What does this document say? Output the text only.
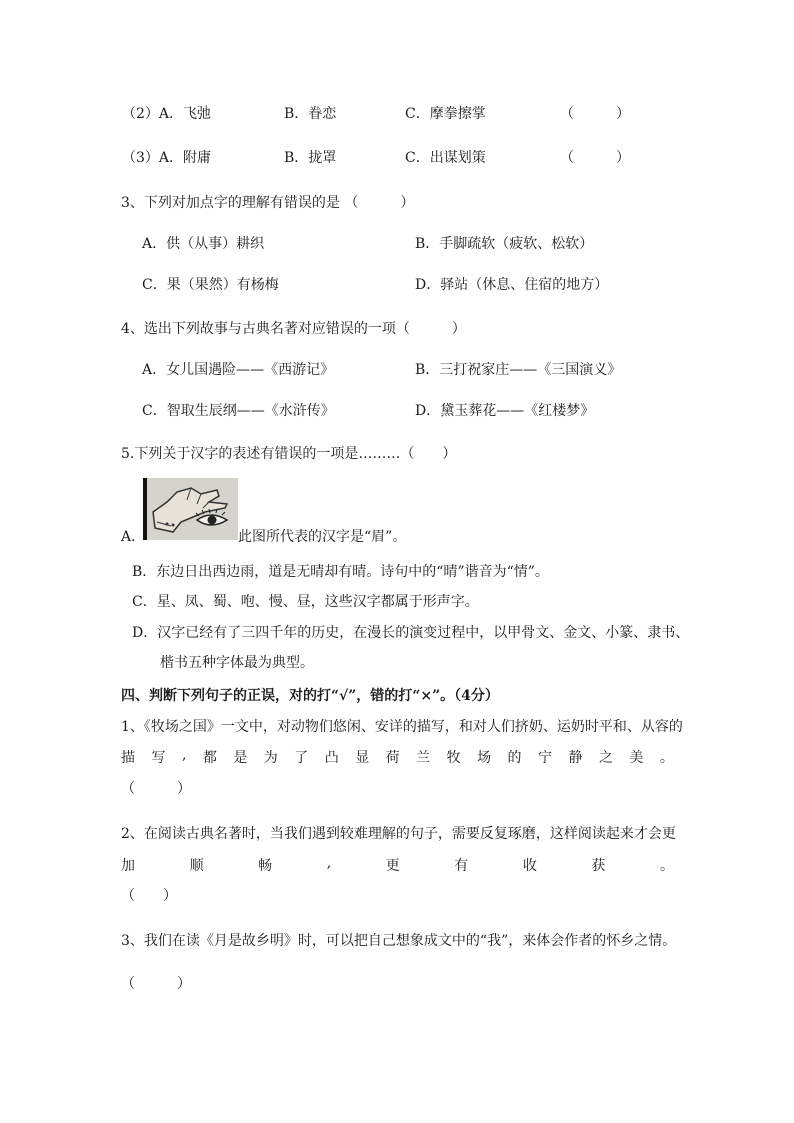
（2）A．飞弛	B．眷恋	C．摩拳擦掌	（　　　）
（3）A．附庸	B．拢罩	C．出谋划策	（　　　）
3、下列对加点字的理解有错误的是 （　　　）
A．供（从事）耕织	B．手脚疏软（疲软、松软）
C．果（果然）有杨梅	D．驿站（休息、住宿的地方）
4、选出下列故事与古典名著对应错误的一项（　　　）
A．女儿国遇险——《西游记》	B．三打祝家庄——《三国演义》
C．智取生辰纲——《水浒传》	D．黛玉葬花——《红楼梦》
5.下列关于汉字的表述有错误的一项是………（　　）
A．	此图所代表的汉字是“眉”。
B．东边日出西边雨，道是无晴却有晴。诗句中的“晴”谐音为“情”。
C．星、凤、蜀、咆、慢、昼，这些汉字都属于形声字。
D．汉字已经有了三四千年的历史，在漫长的演变过程中，以甲骨文、金文、小篆、隶书、
楷书五种字体最为典型。
四、判断下列句子的正误，对的打“√”，错的打“×”。（4分）
1、《牧场之国》一文中，对动物们悠闲、安详的描写，和对人们挤奶、运奶时平和、从容的
描 写 , 都 是 为 了 凸 显 荷 兰 牧 场 的 宁 静 之 美 。
（　　　）
2、在阅读古典名著时，当我们遇到较难理解的句子，需要反复琢磨，这样阅读起来才会更
加	顺	畅	,	更	有	收	获	。
（　　）
3、我们在读《月是故乡明》时，可以把自己想象成文中的“我”，来体会作者的怀乡之情。
（　　　）
